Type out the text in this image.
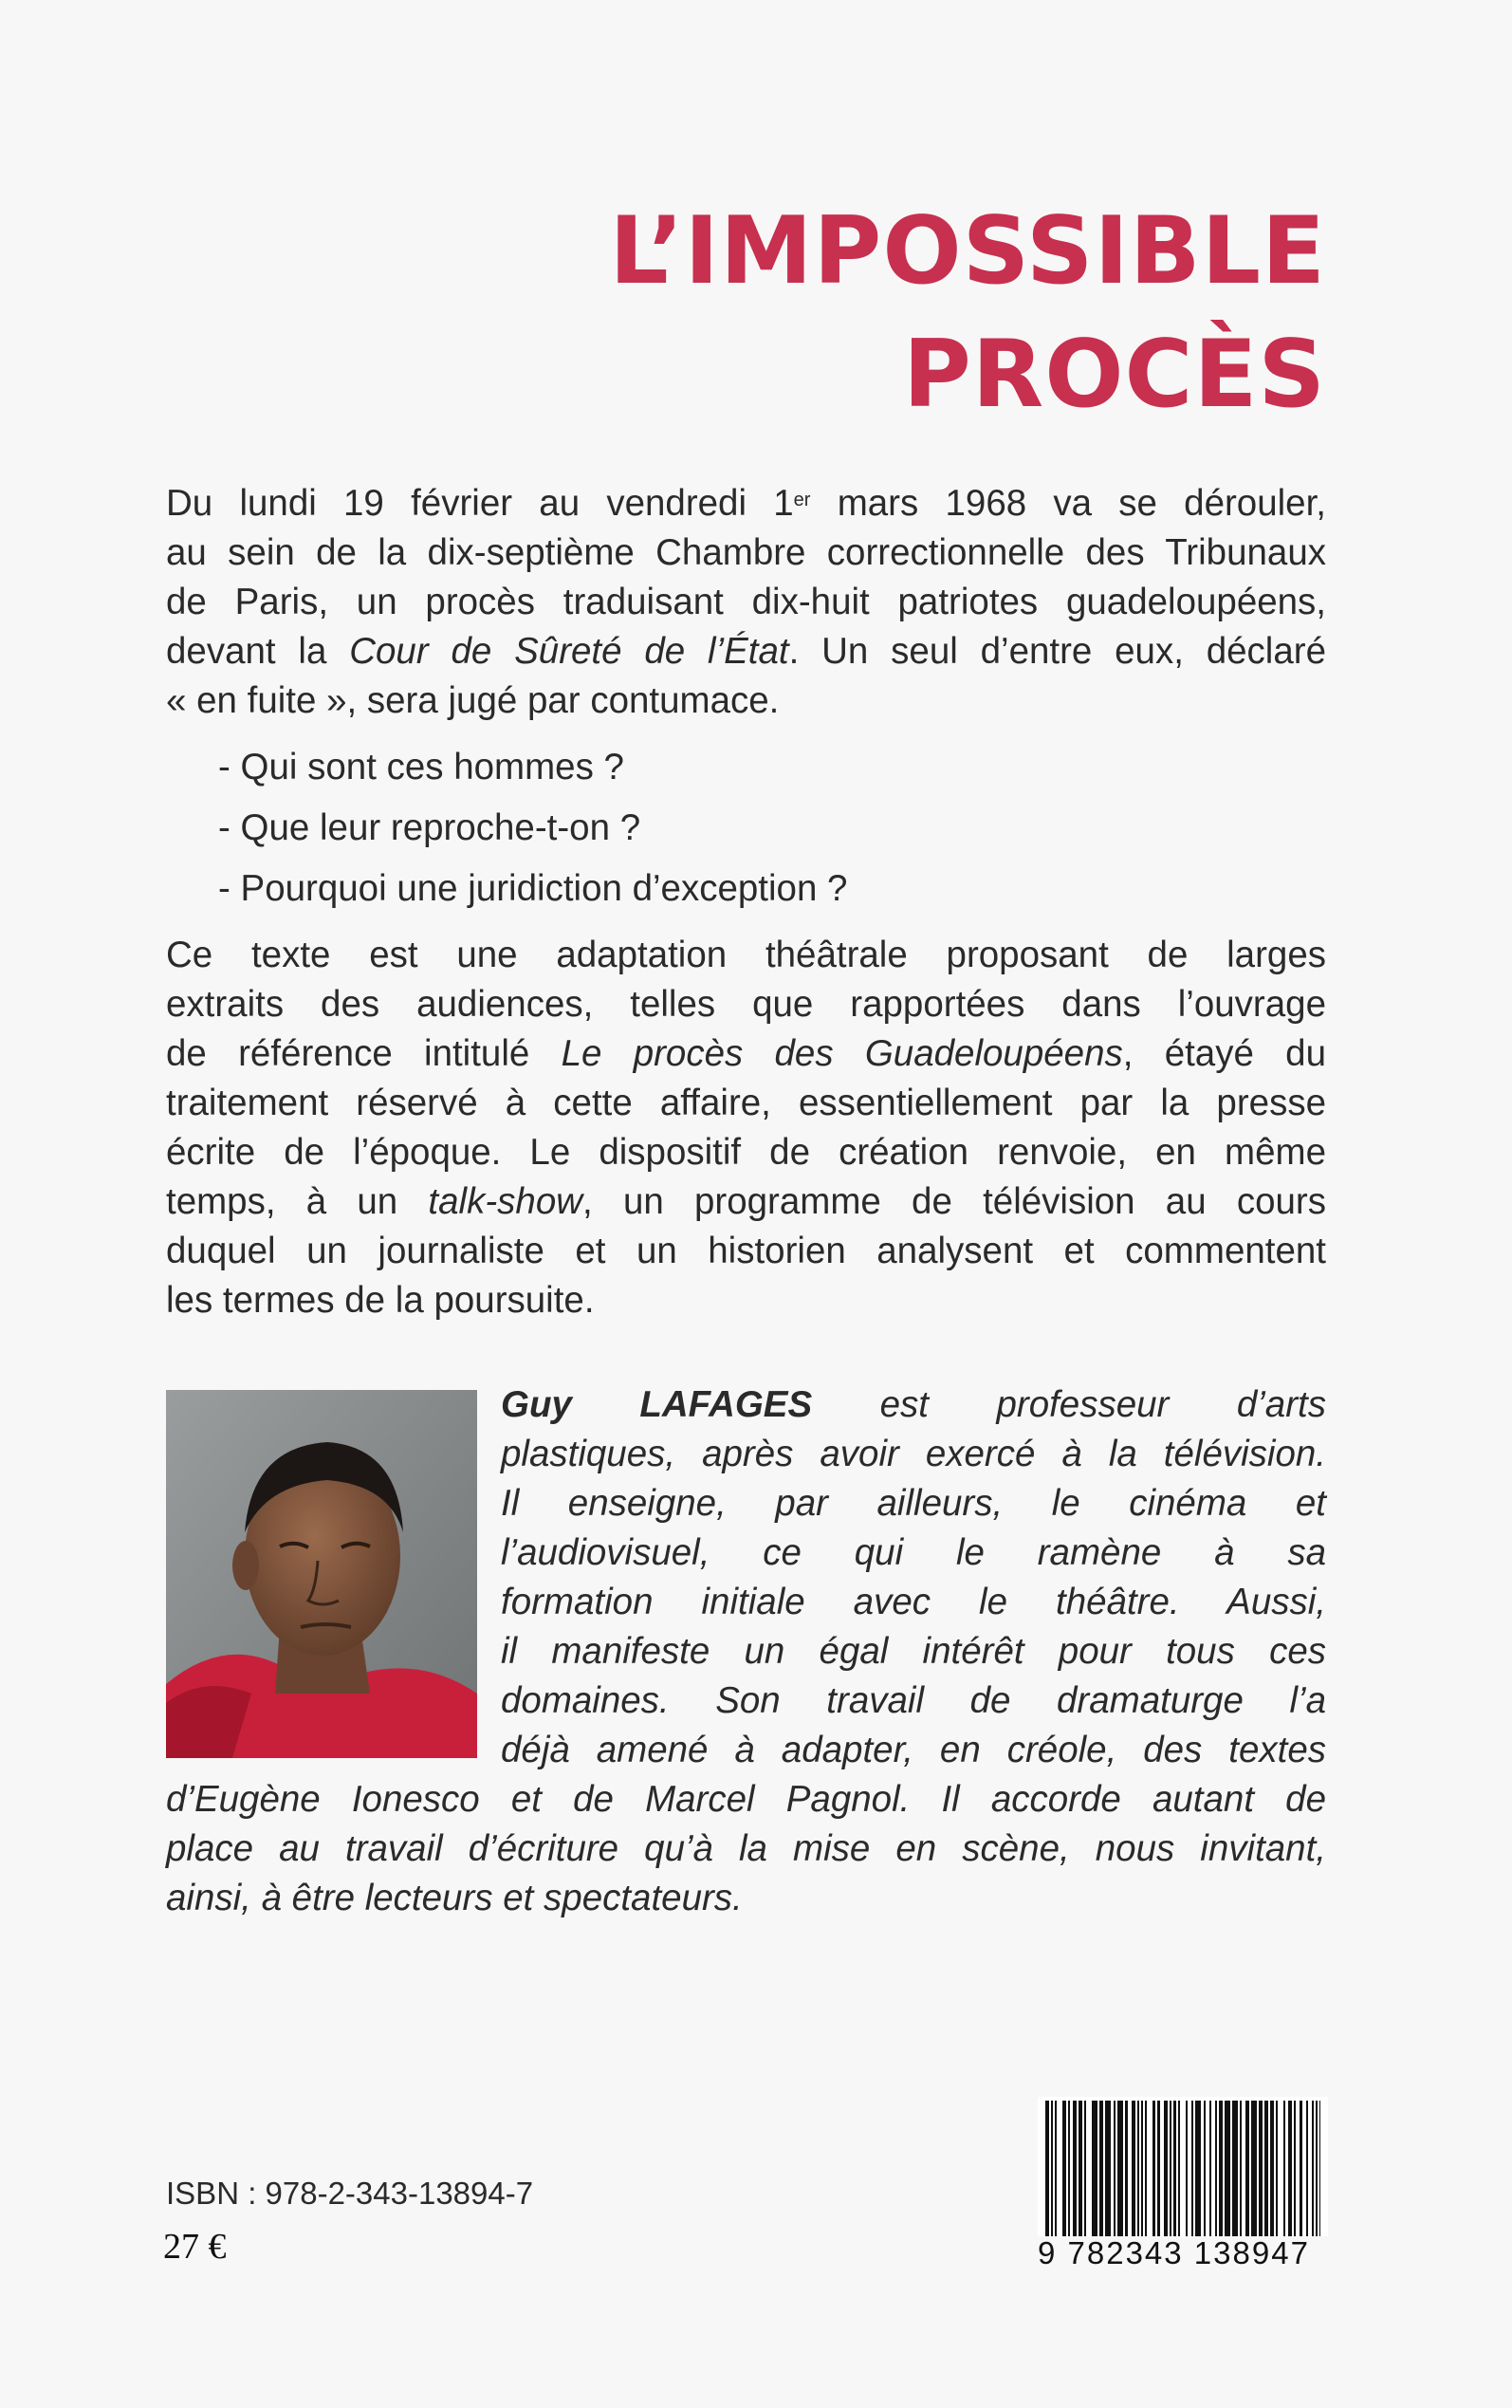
L’IMPOSSIBLE
PROCÈS

Du lundi 19 février au vendredi 1er mars 1968 va se dérouler,
au sein de la dix-septième Chambre correctionnelle des Tribunaux
de Paris, un procès traduisant dix-huit patriotes guadeloupéens,
devant la Cour de Sûreté de l’État. Un seul d’entre eux, déclaré
« en fuite », sera jugé par contumace.

- Qui sont ces hommes ?
- Que leur reproche-t-on ?
- Pourquoi une juridiction d’exception ?

Ce texte est une adaptation théâtrale proposant de larges
extraits des audiences, telles que rapportées dans l’ouvrage
de référence intitulé Le procès des Guadeloupéens, étayé du
traitement réservé à cette affaire, essentiellement par la presse
écrite de l’époque. Le dispositif de création renvoie, en même
temps, à un talk-show, un programme de télévision au cours
duquel un journaliste et un historien analysent et commentent
les termes de la poursuite.

Guy LAFAGES est professeur d’arts
plastiques, après avoir exercé à la télévision.
Il enseigne, par ailleurs, le cinéma et
l’audiovisuel, ce qui le ramène à sa
formation initiale avec le théâtre. Aussi,
il manifeste un égal intérêt pour tous ces
domaines. Son travail de dramaturge l’a
déjà amené à adapter, en créole, des textes
d’Eugène Ionesco et de Marcel Pagnol. Il accorde autant de
place au travail d’écriture qu’à la mise en scène, nous invitant,
ainsi, à être lecteurs et spectateurs.
ISBN : 978-2-343-13894-7
27 €	9 782343 138947
